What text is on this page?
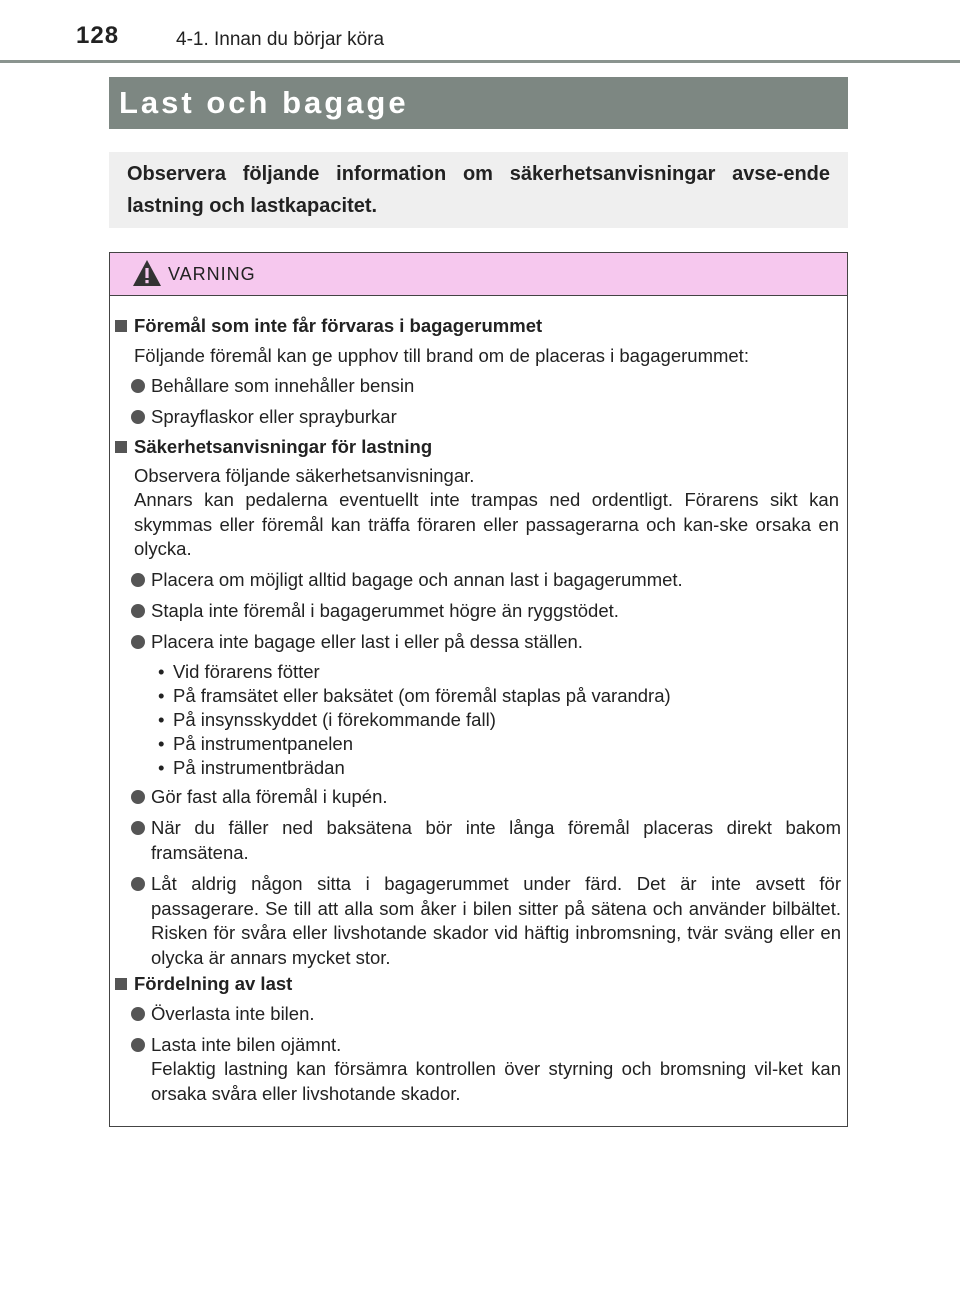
128	4-1. Innan du börjar köra
Last och bagage

Observera följande information om säkerhetsanvisningar avse-ende lastning och lastkapacitet.

VARNING
Föremål som inte får förvaras i bagagerummet
Följande föremål kan ge upphov till brand om de placeras i bagagerummet:
Behållare som innehåller bensin
Sprayflaskor eller sprayburkar
Säkerhetsanvisningar för lastning
Observera följande säkerhetsanvisningar.
Annars kan pedalerna eventuellt inte trampas ned ordentligt. Förarens sikt kan skymmas eller föremål kan träffa föraren eller passagerarna och kan-ske orsaka en olycka.
Placera om möjligt alltid bagage och annan last i bagagerummet.
Stapla inte föremål i bagagerummet högre än ryggstödet.
Placera inte bagage eller last i eller på dessa ställen.
• Vid förarens fötter
• På framsätet eller baksätet (om föremål staplas på varandra)
• På insynsskyddet (i förekommande fall)
• På instrumentpanelen
• På instrumentbrädan
Gör fast alla föremål i kupén.
När du fäller ned baksätena bör inte långa föremål placeras direkt bakom framsätena.
Låt aldrig någon sitta i bagagerummet under färd. Det är inte avsett för passagerare. Se till att alla som åker i bilen sitter på sätena och använder bilbältet. Risken för svåra eller livshotande skador vid häftig inbromsning, tvär sväng eller en olycka är annars mycket stor.
Fördelning av last
Överlasta inte bilen.
Lasta inte bilen ojämnt.
Felaktig lastning kan försämra kontrollen över styrning och bromsning vil-ket kan orsaka svåra eller livshotande skador.
